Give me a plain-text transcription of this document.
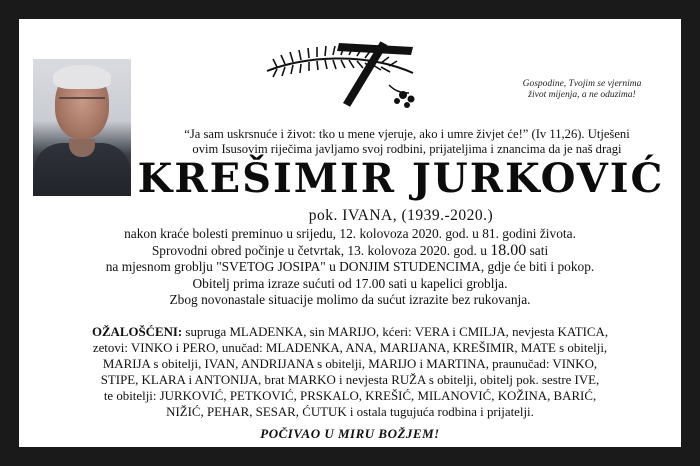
Gospodine, Tvojim se vjernima
život mijenja, a ne oduzima!
“Ja sam uskrsnuće i život: tko u mene vjeruje, ako i umre živjet će!” (Iv 11,26). Utješeni
ovim Isusovim riječima javljamo svoj rodbini, prijateljima i znancima da je naš dragi
KREŠIMIR JURKOVIĆ
pok. IVANA, (1939.-2020.)
nakon kraće bolesti preminuo u srijedu, 12. kolovoza 2020. god. u 81. godini života.
Sprovodni obred počinje u četvrtak, 13. kolovoza 2020. god. u 18.00 sati
na mjesnom groblju "SVETOG JOSIPA" u DONJIM STUDENCIMA, gdje će biti i pokop.
Obitelj prima izraze sućuti od 17.00 sati u kapelici groblja.
Zbog novonastale situacije molimo da sućut izrazite bez rukovanja.
OŽALOŠĆENI: supruga MLADENKA, sin MARIJO, kćeri: VERA i CMILJA, nevjesta KATICA,
zetovi: VINKO i PERO, unučad: MLADENKA, ANA, MARIJANA, KREŠIMIR, MATE s obitelji,
MARIJA s obitelji, IVAN, ANDRIJANA s obitelji, MARIJO i MARTINA, praunučad: VINKO,
STIPE, KLARA i ANTONIJA, brat MARKO i nevjesta RUŽA s obitelji, obitelj pok. sestre IVE,
te obitelji: JURKOVIĆ, PETKOVIĆ, PRSKALO, KREŠIĆ, MILANOVIĆ, KOŽINA, BARIĆ,
NIŽIĆ, PEHAR, SESAR, ĆUTUK i ostala tugujuća rodbina i prijatelji.
POČIVAO U MIRU BOŽJEM!
